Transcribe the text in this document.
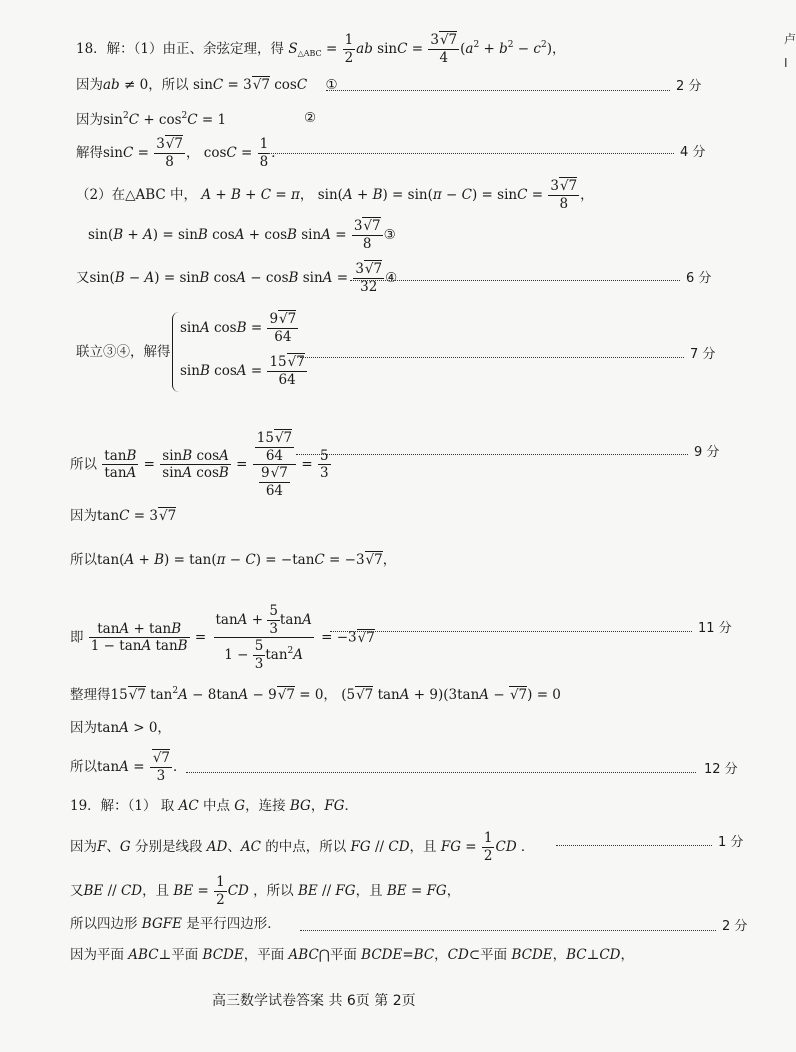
18．解：（1）由正、余弦定理，得 $S_{\triangle ABC} = \frac{1}{2}$ ab $\sin C = \frac{3√7}{4} (a^2 + b^2 - c^2)$，
因为ab ≠ 0，所以 sinC = 3√7 cosC ①	2 分
因为$\sin^2C + \cos^2C = 1$	②
解得$\sin C = \frac{3√7}{8}$ ， $\cos C = \frac{1}{8}$ ．	4 分
（2）在△ABC 中， A + B + C = π， $\sin(A + B) = \sin(\pi - C) = \sin C = \frac{3√7}{8}$ ，
sin(B + A) = sinB cosA + cosB $\sin A = \frac{3√7}{8}$ ③
又sin(B − A) = sinB cosA − cosB $\sin A = \frac{3√7}{32}$ ④	6 分
联立③④，解得
sinA $\cos B = \frac{9√7}{64}$
sinB $\cos A = \frac{15√7}{64}$
7 分
所以 $\frac{\tan B}{\tan A} = \frac{\text{sinB cosA}}{\text{sinA cosB}} = \frac{\frac{15√7}{64}}{\frac{9√7}{64}} = \frac{5}{3}$	9 分
因为tanC = 3√7
所以tan(A + B) = tan(π − C) = −tanC = −3√7，
即 $\frac{\tan A + \tan B}{\text{1 − tanA tanB}} = \frac{\tan A + \frac{5}{3} \tan A}{1 - \frac{5}{3} \tan^2A} = -3√7$
11 分
整理得15√7 $\tan^2A - 8\tan A - 9√7 = 0$， (5√7 tanA + 9)(3tanA − √7) = 0
因为tanA > 0，
所以$\tan A = \frac{√7}{3}$ ．	12 分
19．解：（1） 取 AC 中点 G，连接 BG，FG．
因为F、G 分别是线段 AD、AC 的中点，所以 FG // CD，且 FG = $\frac{1}{2}$ CD ．	1 分
又BE // CD，且 BE = $\frac{1}{2}$ CD ，所以 BE // FG，且 BE = FG，
所以四边形 BGFE 是平行四边形．	2 分
因为平面 ABC⊥平面 BCDE，平面 ABC⋂平面 BCDE=BC，CD⊂平面 BCDE，BC⊥CD，
高三数学试卷答案 共 6页 第 2页
卢
I
